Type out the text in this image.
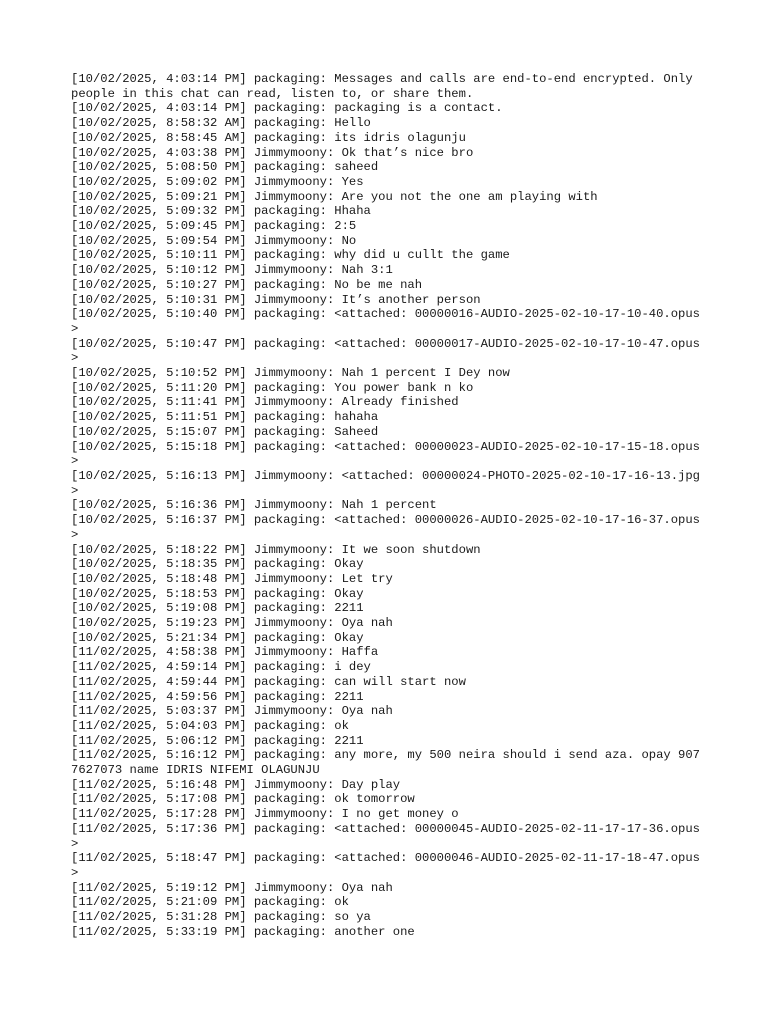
[10/02/2025, 4:03:14 PM] packaging: Messages and calls are end-to-end encrypted. Only people in this chat can read, listen to, or share them.
[10/02/2025, 4:03:14 PM] packaging: packaging is a contact.
[10/02/2025, 8:58:32 AM] packaging: Hello
[10/02/2025, 8:58:45 AM] packaging: its idris olagunju
[10/02/2025, 4:03:38 PM] Jimmymoony: Ok that’s nice bro
[10/02/2025, 5:08:50 PM] packaging: saheed
[10/02/2025, 5:09:02 PM] Jimmymoony: Yes
[10/02/2025, 5:09:21 PM] Jimmymoony: Are you not the one am playing with
[10/02/2025, 5:09:32 PM] packaging: Hhaha
[10/02/2025, 5:09:45 PM] packaging: 2:5
[10/02/2025, 5:09:54 PM] Jimmymoony: No
[10/02/2025, 5:10:11 PM] packaging: why did u cullt the game
[10/02/2025, 5:10:12 PM] Jimmymoony: Nah 3:1
[10/02/2025, 5:10:27 PM] packaging: No be me nah
[10/02/2025, 5:10:31 PM] Jimmymoony: It’s another person
[10/02/2025, 5:10:40 PM] packaging: <attached: 00000016-AUDIO-2025-02-10-17-10-40.opus>
[10/02/2025, 5:10:47 PM] packaging: <attached: 00000017-AUDIO-2025-02-10-17-10-47.opus>
[10/02/2025, 5:10:52 PM] Jimmymoony: Nah 1 percent I Dey now
[10/02/2025, 5:11:20 PM] packaging: You power bank n ko
[10/02/2025, 5:11:41 PM] Jimmymoony: Already finished
[10/02/2025, 5:11:51 PM] packaging: hahaha
[10/02/2025, 5:15:07 PM] packaging: Saheed
[10/02/2025, 5:15:18 PM] packaging: <attached: 00000023-AUDIO-2025-02-10-17-15-18.opus>
[10/02/2025, 5:16:13 PM] Jimmymoony: <attached: 00000024-PHOTO-2025-02-10-17-16-13.jpg>
[10/02/2025, 5:16:36 PM] Jimmymoony: Nah 1 percent
[10/02/2025, 5:16:37 PM] packaging: <attached: 00000026-AUDIO-2025-02-10-17-16-37.opus>
[10/02/2025, 5:18:22 PM] Jimmymoony: It we soon shutdown
[10/02/2025, 5:18:35 PM] packaging: Okay
[10/02/2025, 5:18:48 PM] Jimmymoony: Let try
[10/02/2025, 5:18:53 PM] packaging: Okay
[10/02/2025, 5:19:08 PM] packaging: 2211
[10/02/2025, 5:19:23 PM] Jimmymoony: Oya nah
[10/02/2025, 5:21:34 PM] packaging: Okay
[11/02/2025, 4:58:38 PM] Jimmymoony: Haffa
[11/02/2025, 4:59:14 PM] packaging: i dey
[11/02/2025, 4:59:44 PM] packaging: can will start now
[11/02/2025, 4:59:56 PM] packaging: 2211
[11/02/2025, 5:03:37 PM] Jimmymoony: Oya nah
[11/02/2025, 5:04:03 PM] packaging: ok
[11/02/2025, 5:06:12 PM] packaging: 2211
[11/02/2025, 5:16:12 PM] packaging: any more, my 500 neira should i send aza. opay 9077627073 name IDRIS NIFEMI OLAGUNJU
[11/02/2025, 5:16:48 PM] Jimmymoony: Day play
[11/02/2025, 5:17:08 PM] packaging: ok tomorrow
[11/02/2025, 5:17:28 PM] Jimmymoony: I no get money o
[11/02/2025, 5:17:36 PM] packaging: <attached: 00000045-AUDIO-2025-02-11-17-17-36.opus>
[11/02/2025, 5:18:47 PM] packaging: <attached: 00000046-AUDIO-2025-02-11-17-18-47.opus>
[11/02/2025, 5:19:12 PM] Jimmymoony: Oya nah
[11/02/2025, 5:21:09 PM] packaging: ok
[11/02/2025, 5:31:28 PM] packaging: so ya
[11/02/2025, 5:33:19 PM] packaging: another one
